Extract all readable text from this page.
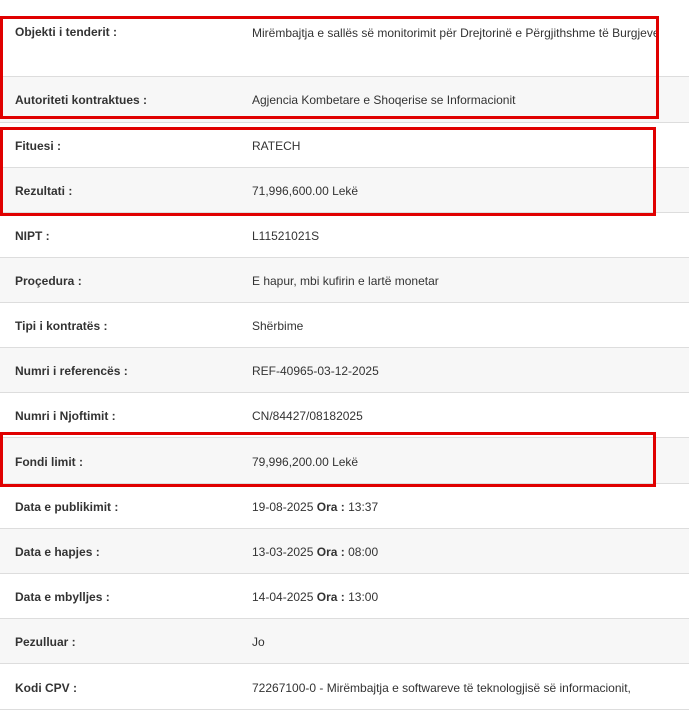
Objekti i tenderit :	Mirëmbajtja e sallës së monitorimit për Drejtorinë e Përgjithshme të Burgjeve
Autoriteti kontraktues :	Agjencia Kombetare e Shoqerise se Informacionit
Fituesi :	RATECH
Rezultati :	71,996,600.00 Lekë
NIPT :	L11521021S
Proçedura :	E hapur, mbi kufirin e lartë monetar
Tipi i kontratës :	Shërbime
Numri i referencës :	REF-40965-03-12-2025
Numri i Njoftimit :	CN/84427/08182025
Fondi limit :	79,996,200.00 Lekë
Data e publikimit :	19-08-2025 Ora : 13:37
Data e hapjes :	13-03-2025 Ora : 08:00
Data e mbylljes :	14-04-2025 Ora : 13:00
Pezulluar :	Jo
Kodi CPV :	72267100-0 - Mirëmbajtja e softwareve të teknologjisë së informacionit,
